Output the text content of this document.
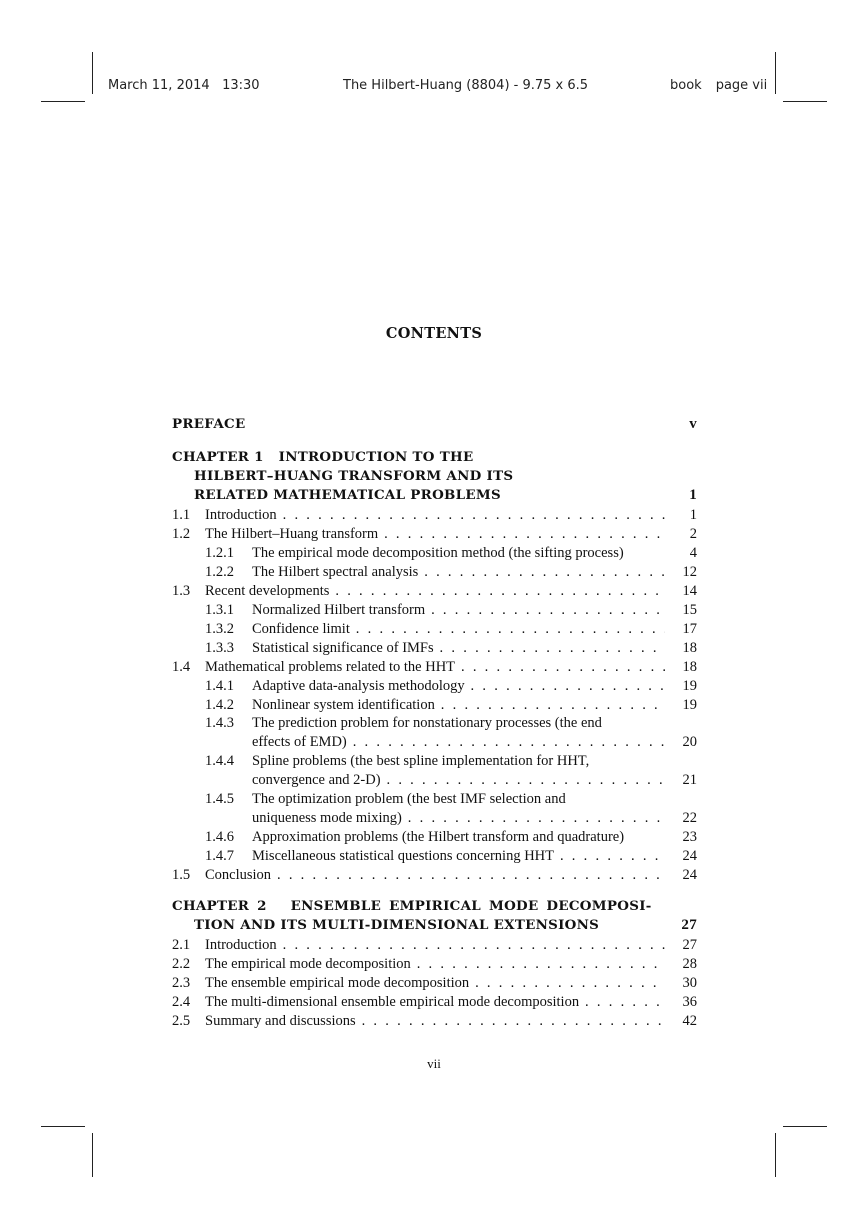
March 11, 2014 13:30	The Hilbert-Huang (8804) - 9.75 x 6.5	book page vii
CONTENTS
PREFACE	v
CHAPTER 1   INTRODUCTION TO THE
HILBERT–HUANG TRANSFORM AND ITS
RELATED MATHEMATICAL PROBLEMS	1
1.1 Introduction . . .	1
1.2 The Hilbert–Huang transform . . .	2
1.2.1 The empirical mode decomposition method (the sifting process)	4
1.2.2 The Hilbert spectral analysis . . .	12
1.3 Recent developments . . .	14
1.3.1 Normalized Hilbert transform . . .	15
1.3.2 Confidence limit . . .	17
1.3.3 Statistical significance of IMFs . . .	18
1.4 Mathematical problems related to the HHT . . .	18
1.4.1 Adaptive data-analysis methodology . . .	19
1.4.2 Nonlinear system identification . . .	19
1.4.3 The prediction problem for nonstationary processes (the end
effects of EMD) . . .	20
1.4.4 Spline problems (the best spline implementation for HHT,
convergence and 2-D) . . .	21
1.4.5 The optimization problem (the best IMF selection and
uniqueness mode mixing) . . .	22
1.4.6 Approximation problems (the Hilbert transform and quadrature)	23
1.4.7 Miscellaneous statistical questions concerning HHT . . .	24
1.5 Conclusion . . .	24
CHAPTER 2   ENSEMBLE EMPIRICAL MODE DECOMPOSI-
TION AND ITS MULTI-DIMENSIONAL EXTENSIONS	27
2.1 Introduction . . .	27
2.2 The empirical mode decomposition . . .	28
2.3 The ensemble empirical mode decomposition . . .	30
2.4 The multi-dimensional ensemble empirical mode decomposition . . .	36
2.5 Summary and discussions . . .	42
vii
